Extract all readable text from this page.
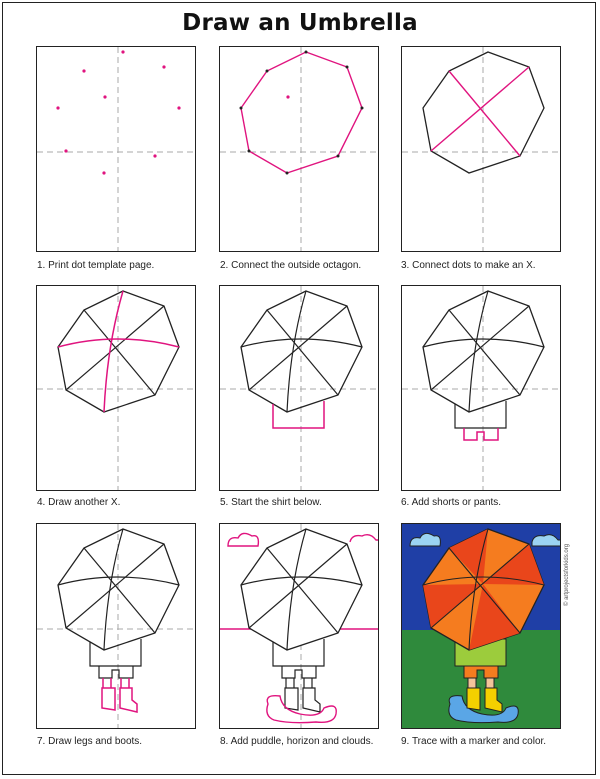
Draw an Umbrella
1. Print dot template page.	2. Connect the outside octagon.	3. Connect dots to make an X.
4. Draw another X.	5. Start the shirt below.	6. Add shorts or pants.
7. Draw legs and boots.	8. Add puddle, horizon and clouds.	9. Trace with a marker and color.
© artprojectsforkids.org
